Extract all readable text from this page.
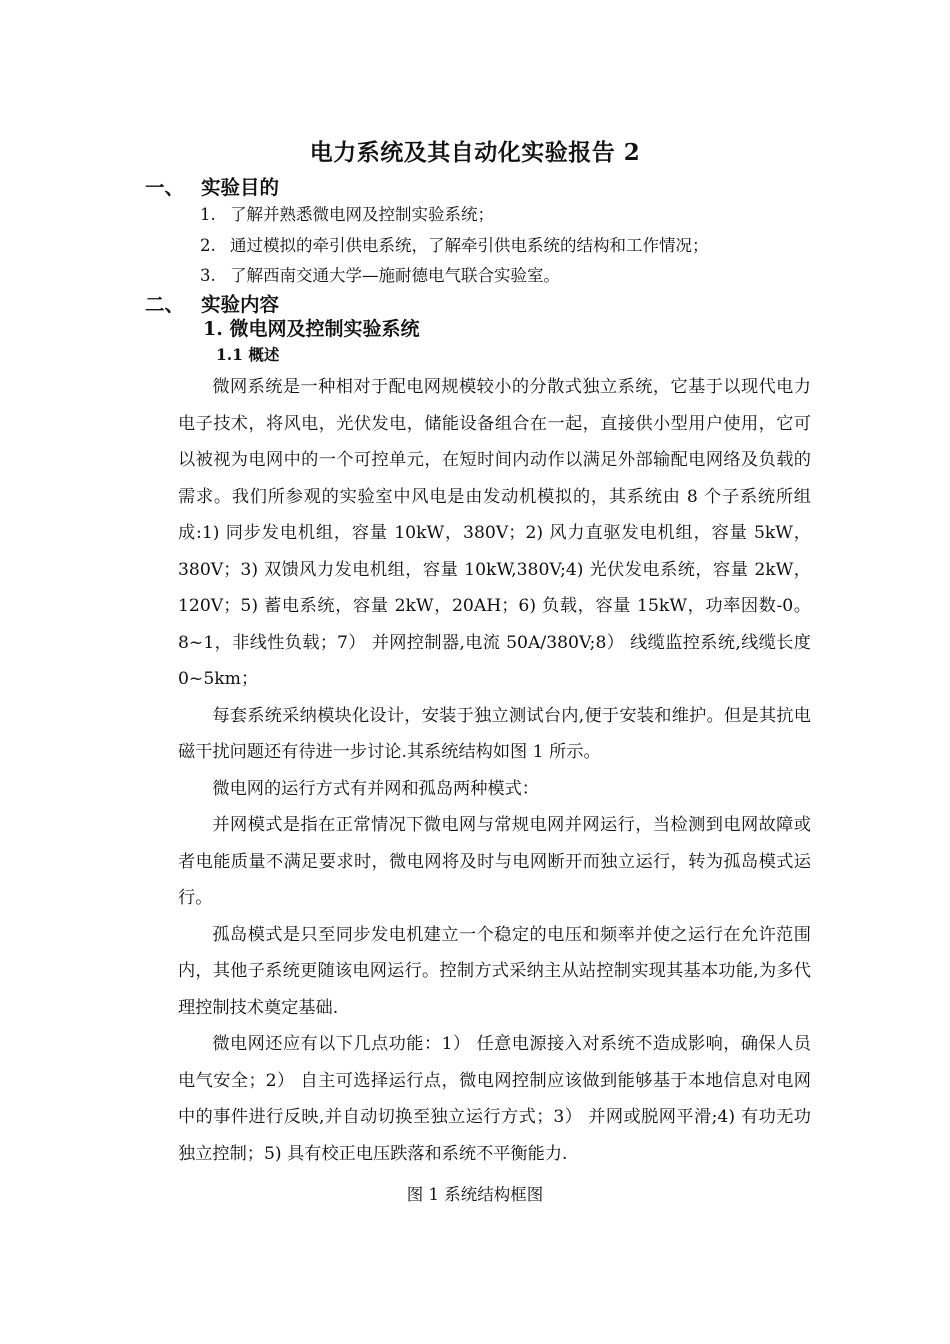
电力系统及其自动化实验报告 2
一、 实验目的
1. 了解并熟悉微电网及控制实验系统；
2. 通过模拟的牵引供电系统，了解牵引供电系统的结构和工作情况；
3. 了解西南交通大学—施耐德电气联合实验室。
二、 实验内容
1. 微电网及控制实验系统
1.1 概述

微网系统是一种相对于配电网规模较小的分散式独立系统，它基于以现代电力电子技术，将风电，光伏发电，储能设备组合在一起，直接供小型用户使用，它可以被视为电网中的一个可控单元，在短时间内动作以满足外部输配电网络及负载的需求。我们所参观的实验室中风电是由发动机模拟的，其系统由 8 个子系统所组成:1) 同步发电机组，容量 10kW，380V；2) 风力直驱发电机组，容量 5kW，380V；3) 双馈风力发电机组，容量 10kW,380V;4) 光伏发电系统，容量 2kW，120V；5) 蓄电系统，容量 2kW，20AH；6) 负载，容量 15kW，功率因数-0。8~1，非线性负载；7） 并网控制器,电流 50A/380V;8） 线缆监控系统,线缆长度 0~5km；

每套系统采纳模块化设计，安装于独立测试台内,便于安装和维护。但是其抗电磁干扰问题还有待进一步讨论.其系统结构如图 1 所示。

微电网的运行方式有并网和孤岛两种模式：

并网模式是指在正常情况下微电网与常规电网并网运行，当检测到电网故障或者电能质量不满足要求时，微电网将及时与电网断开而独立运行，转为孤岛模式运行。

孤岛模式是只至同步发电机建立一个稳定的电压和频率并使之运行在允许范围内，其他子系统更随该电网运行。控制方式采纳主从站控制实现其基本功能,为多代理控制技术奠定基础.

微电网还应有以下几点功能：1） 任意电源接入对系统不造成影响，确保人员电气安全；2） 自主可选择运行点，微电网控制应该做到能够基于本地信息对电网中的事件进行反映,并自动切换至独立运行方式；3） 并网或脱网平滑;4) 有功无功独立控制；5) 具有校正电压跌落和系统不平衡能力.

图 1 系统结构框图
